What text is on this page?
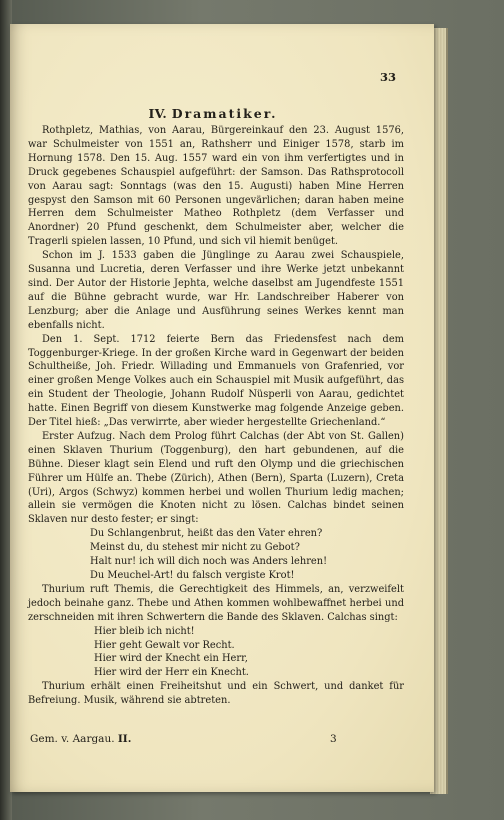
33
IV. Dramatiker.

Rothpletz, Mathias, von Aarau, Bürgereinkauf den 23. August 1576, war Schulmeister von 1551 an, Rathsherr und Einiger 1578, starb im Hornung 1578. Den 15. Aug. 1557 ward ein von ihm verfertigtes und in Druck gegebenes Schauspiel aufgeführt: der Samson. Das Rathsprotocoll von Aarau sagt: Sonntags (was den 15. Augusti) haben Mine Herren gespyst den Samson mit 60 Personen ungevärlichen; daran haben meine Herren dem Schulmeister Matheo Rothpletz (dem Verfasser und Anordner) 20 Pfund geschenkt, dem Schulmeister aber, welcher die Tragerli spielen lassen, 10 Pfund, und sich vil hiemit benüget.

Schon im J. 1533 gaben die Jünglinge zu Aarau zwei Schauspiele, Susanna und Lucretia, deren Verfasser und ihre Werke jetzt unbekannt sind. Der Autor der Historie Jephta, welche daselbst am Jugendfeste 1551 auf die Bühne gebracht wurde, war Hr. Landschreiber Haberer von Lenzburg; aber die Anlage und Ausführung seines Werkes kennt man ebenfalls nicht.

Den 1. Sept. 1712 feierte Bern das Friedensfest nach dem Toggenburger-Kriege. In der großen Kirche ward in Gegenwart der beiden Schultheiße, Joh. Friedr. Willading und Emmanuels von Grafenried, vor einer großen Menge Volkes auch ein Schauspiel mit Musik aufgeführt, das ein Student der Theologie, Johann Rudolf Nüsperli von Aarau, gedichtet hatte. Einen Begriff von diesem Kunstwerke mag folgende Anzeige geben. Der Titel hieß: „Das verwirrte, aber wieder hergestellte Griechenland.“

Erster Aufzug. Nach dem Prolog führt Calchas (der Abt von St. Gallen) einen Sklaven Thurium (Toggenburg), den hart gebundenen, auf die Bühne. Dieser klagt sein Elend und ruft den Olymp und die griechischen Führer um Hülfe an. Thebe (Zürich), Athen (Bern), Sparta (Luzern), Creta (Uri), Argos (Schwyz) kommen herbei und wollen Thurium ledig machen; allein sie vermögen die Knoten nicht zu lösen. Calchas bindet seinen Sklaven nur desto fester; er singt:

Du Schlangenbrut, heißt das den Vater ehren?
Meinst du, du stehest mir nicht zu Gebot?
Halt nur! ich will dich noch was Anders lehren!
Du Meuchel-Art! du falsch vergiste Krot!

Thurium ruft Themis, die Gerechtigkeit des Himmels, an, verzweifelt jedoch beinahe ganz. Thebe und Athen kommen wohlbewaffnet herbei und zerschneiden mit ihren Schwertern die Bande des Sklaven. Calchas singt:

Hier bleib ich nicht!
Hier geht Gewalt vor Recht.
Hier wird der Knecht ein Herr,
Hier wird der Herr ein Knecht.

Thurium erhält einen Freiheitshut und ein Schwert, und danket für Befreiung. Musik, während sie abtreten.

Gem. v. Aargau. II.	3
